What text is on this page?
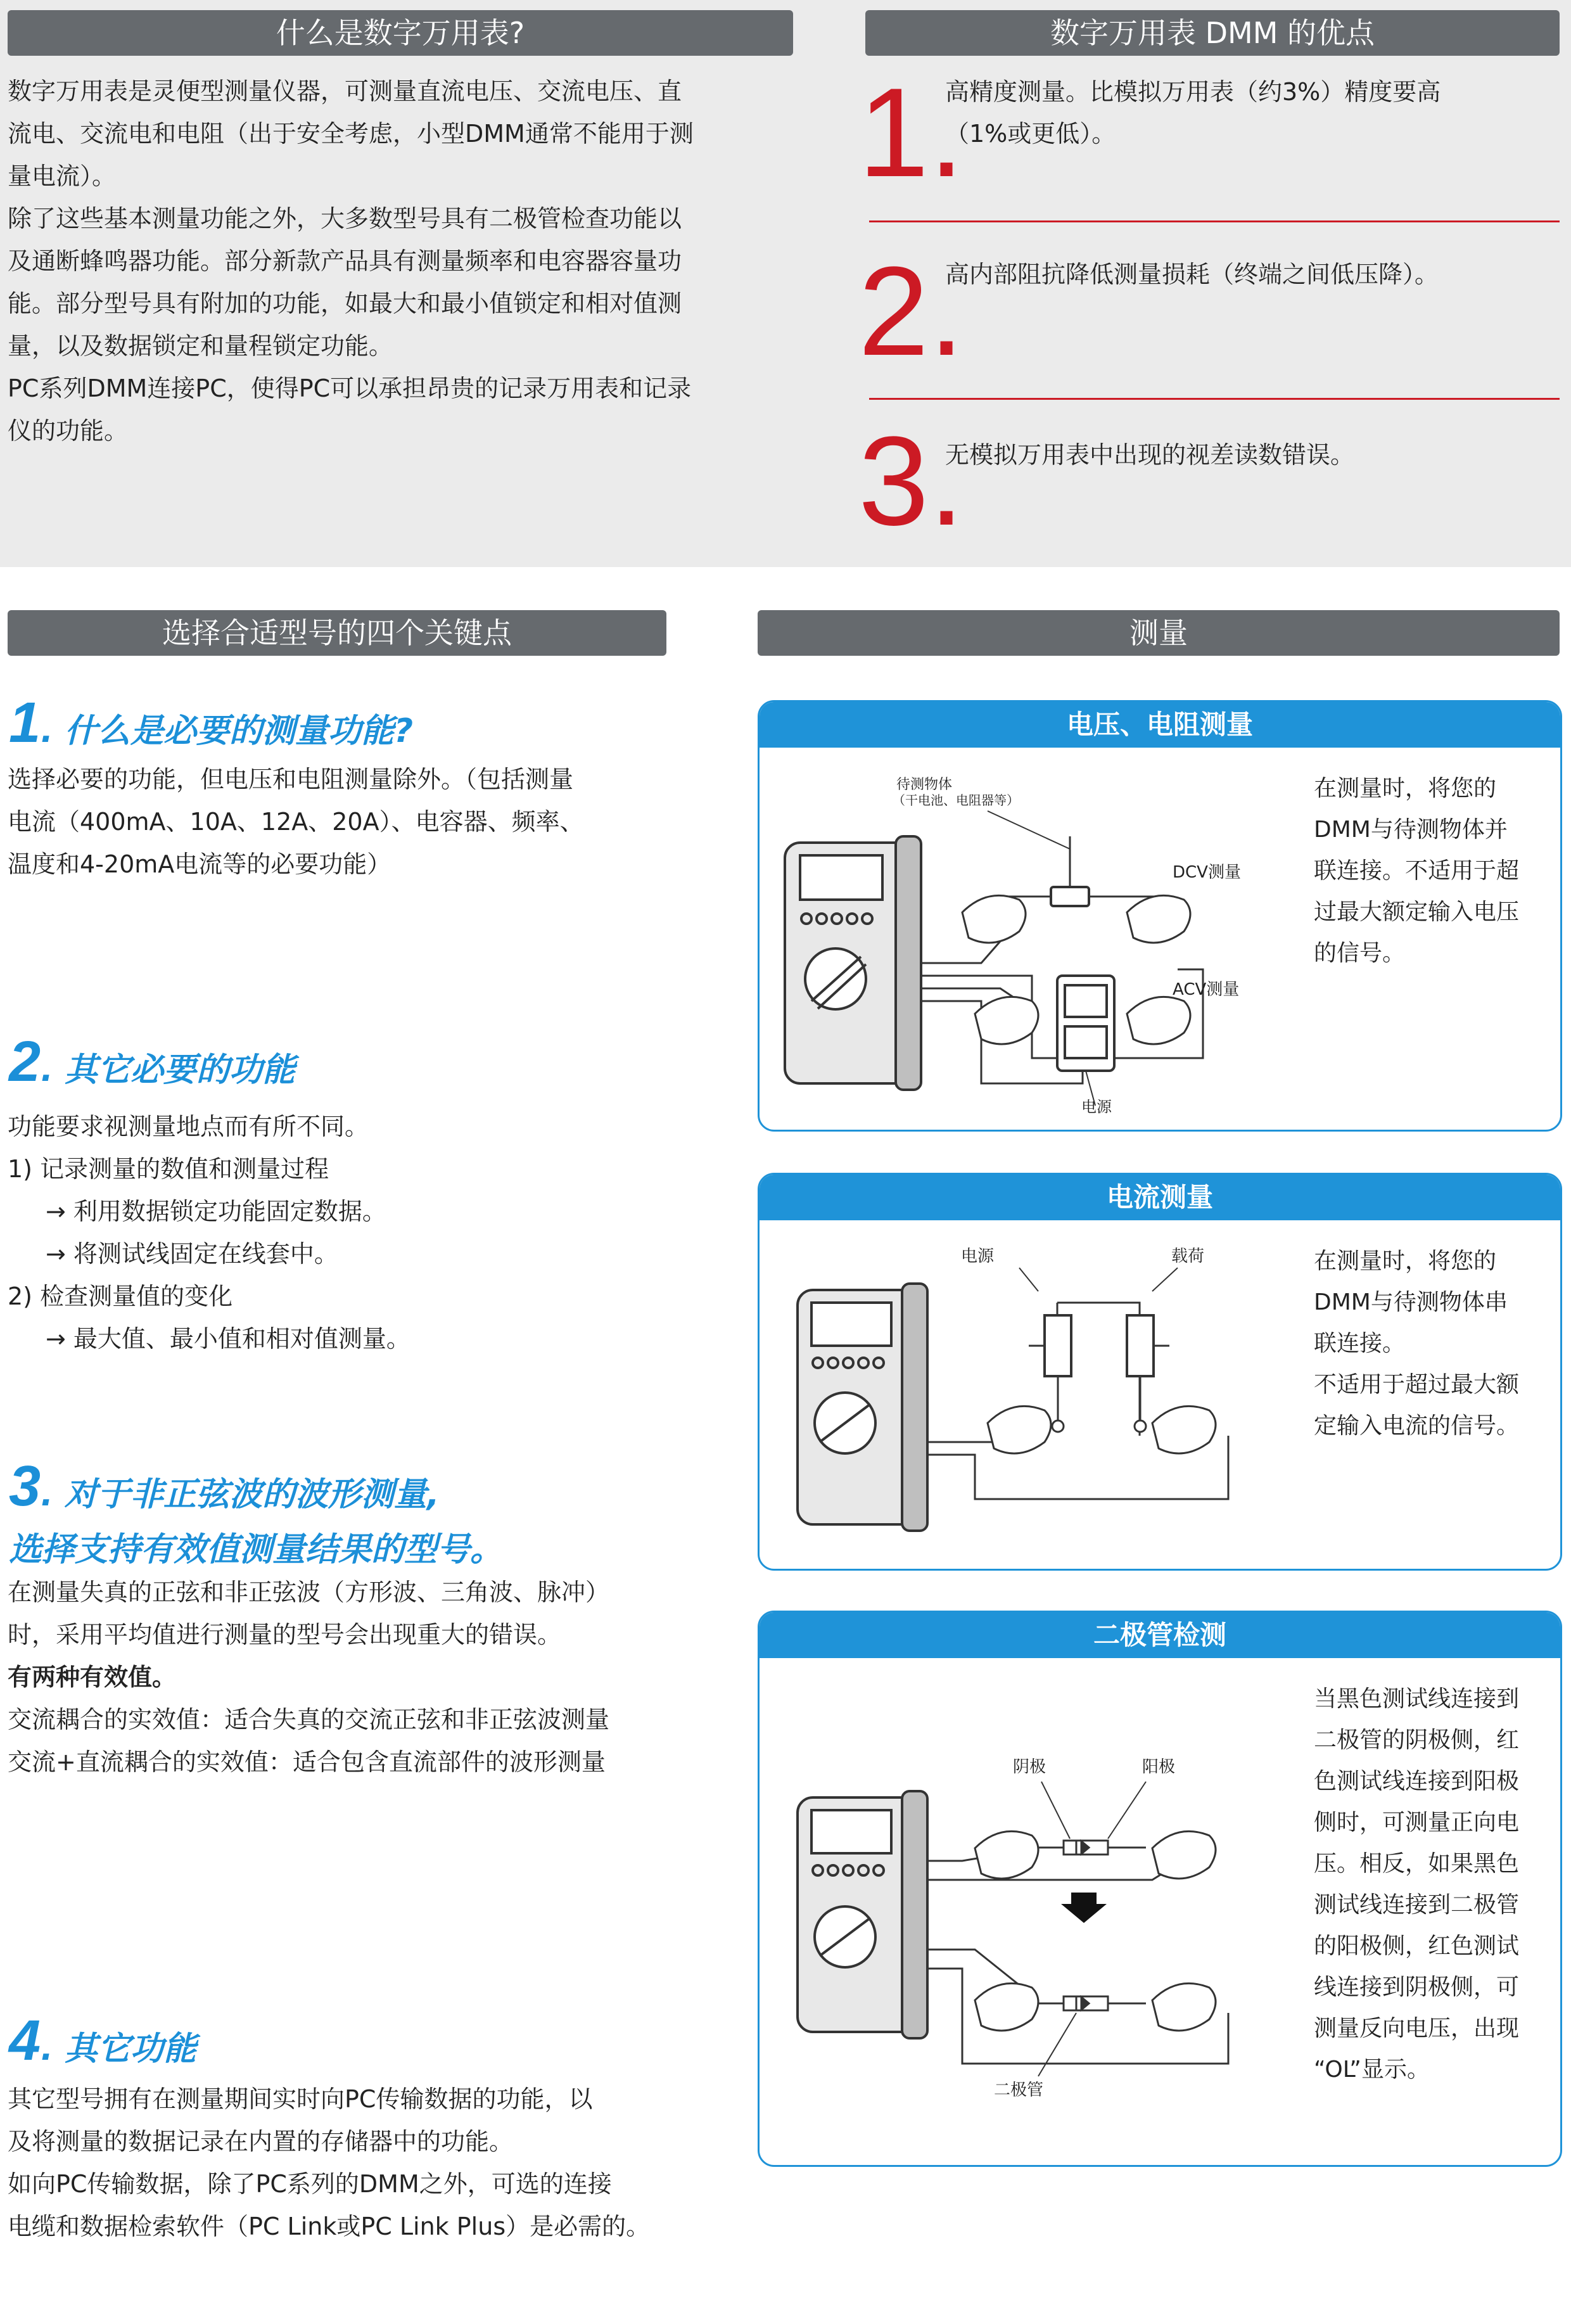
什么是数字万用表?
数字万用表是灵便型测量仪器，可测量直流电压、交流电压、直
流电、交流电和电阻（出于安全考虑，小型DMM通常不能用于测
量电流）。
除了这些基本测量功能之外，大多数型号具有二极管检查功能以
及通断蜂鸣器功能。部分新款产品具有测量频率和电容器容量功
能。部分型号具有附加的功能，如最大和最小值锁定和相对值测
量，以及数据锁定和量程锁定功能。
PC系列DMM连接PC，使得PC可以承担昂贵的记录万用表和记录
仪的功能。
数字万用表 DMM 的优点
1.
高精度测量。比模拟万用表（约3%）精度要高
（1%或更低）。
2.
高内部阻抗降低测量损耗（终端之间低压降）。
3.
无模拟万用表中出现的视差读数错误。
选择合适型号的四个关键点
1. 什么是必要的测量功能?
选择必要的功能，但电压和电阻测量除外。（包括测量
电流（400mA、10A、12A、20A）、电容器、频率、
温度和4-20mA电流等的必要功能）
2. 其它必要的功能
功能要求视测量地点而有所不同。
1) 记录测量的数值和测量过程
→ 利用数据锁定功能固定数据。
→ 将测试线固定在线套中。
2) 检查测量值的变化
→ 最大值、最小值和相对值测量。
3. 对于非正弦波的波形测量,
选择支持有效值测量结果的型号。
在测量失真的正弦和非正弦波（方形波、三角波、脉冲）
时，采用平均值进行测量的型号会出现重大的错误。
有两种有效值。
交流耦合的实效值：适合失真的交流正弦和非正弦波测量
交流+直流耦合的实效值：适合包含直流部件的波形测量
4. 其它功能
其它型号拥有在测量期间实时向PC传输数据的功能，以
及将测量的数据记录在内置的存储器中的功能。
如向PC传输数据，除了PC系列的DMM之外，可选的连接
电缆和数据检索软件（PC Link或PC Link Plus）是必需的。
测量
电压、电阻测量
待测物体
（干电池、电阻器等）
DCV测量
ACV测量
电源
在测量时，将您的
DMM与待测物体并
联连接。不适用于超
过最大额定输入电压
的信号。
电流测量
电源	载荷	在测量时，将您的
DMM与待测物体串
联连接。
不适用于超过最大额
定输入电流的信号。
二极管检测
阴极	阳极
二极管
当黑色测试线连接到
二极管的阴极侧，红
色测试线连接到阳极
侧时，可测量正向电
压。相反，如果黑色
测试线连接到二极管
的阳极侧，红色测试
线连接到阴极侧，可
测量反向电压，出现
“OL”显示。
